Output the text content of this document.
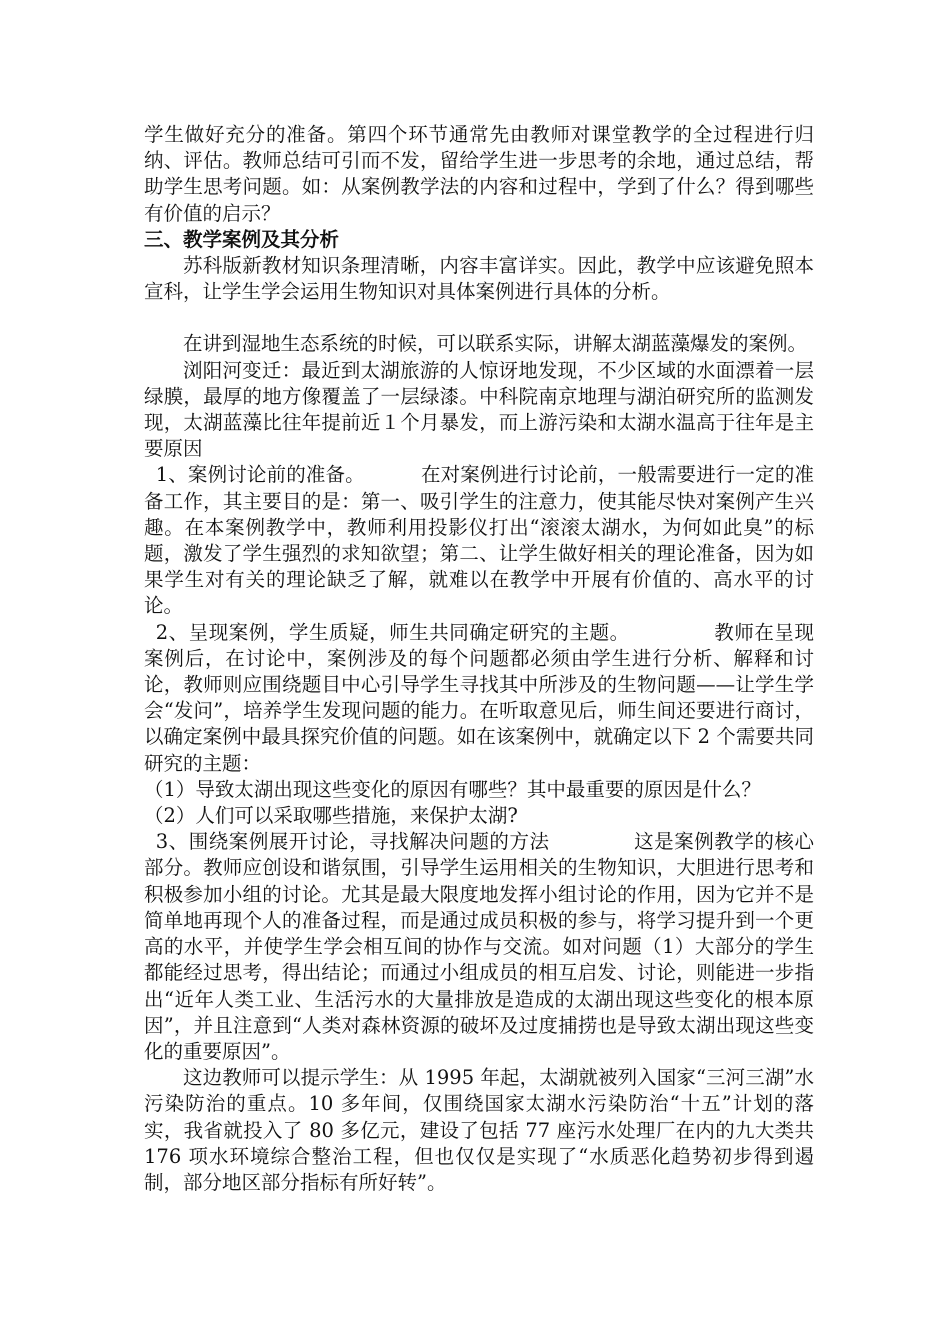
学生做好充分的准备。第四个环节通常先由教师对课堂教学的全过程进行归纳、评估。教师总结可引而不发，留给学生进一步思考的余地，通过总结，帮助学生思考问题。如：从案例教学法的内容和过程中，学到了什么？得到哪些有价值的启示？

三、教学案例及其分析

苏科版新教材知识条理清晰，内容丰富详实。因此，教学中应该避免照本宣科，让学生学会运用生物知识对具体案例进行具体的分析。

在讲到湿地生态系统的时候，可以联系实际，讲解太湖蓝藻爆发的案例。

浏阳河变迁：最近到太湖旅游的人惊讶地发现，不少区域的水面漂着一层绿膜，最厚的地方像覆盖了一层绿漆。中科院南京地理与湖泊研究所的监测发现，太湖蓝藻比往年提前近１个月暴发，而上游污染和太湖水温高于往年是主要原因

1、案例讨论前的准备。	在对案例进行讨论前，一般需要进行一定的准备工作，其主要目的是：第一、吸引学生的注意力，使其能尽快对案例产生兴趣。在本案例教学中，教师利用投影仪打出“滚滚太湖水，为何如此臭”的标题，激发了学生强烈的求知欲望；第二、让学生做好相关的理论准备，因为如果学生对有关的理论缺乏了解，就难以在教学中开展有价值的、高水平的讨论。

2、呈现案例，学生质疑，师生共同确定研究的主题。	教师在呈现案例后，在讨论中，案例涉及的每个问题都必须由学生进行分析、解释和讨论，教师则应围绕题目中心引导学生寻找其中所涉及的生物问题——让学生学会“发问”，培养学生发现问题的能力。在听取意见后，师生间还要进行商讨，以确定案例中最具探究价值的问题。如在该案例中，就确定以下 2 个需要共同研究的主题：

（1）导致太湖出现这些变化的原因有哪些？其中最重要的原因是什么？

（2）人们可以采取哪些措施，来保护太湖?

3、围绕案例展开讨论，寻找解决问题的方法	这是案例教学的核心部分。教师应创设和谐氛围，引导学生运用相关的生物知识，大胆进行思考和积极参加小组的讨论。尤其是最大限度地发挥小组讨论的作用，因为它并不是简单地再现个人的准备过程，而是通过成员积极的参与，将学习提升到一个更高的水平，并使学生学会相互间的协作与交流。如对问题（1）大部分的学生都能经过思考，得出结论；而通过小组成员的相互启发、讨论，则能进一步指出“近年人类工业、生活污水的大量排放是造成的太湖出现这些变化的根本原因”，并且注意到“人类对森林资源的破坏及过度捕捞也是导致太湖出现这些变化的重要原因”。

这边教师可以提示学生：从 1995 年起，太湖就被列入国家“三河三湖”水污染防治的重点。10 多年间，仅围绕国家太湖水污染防治“十五”计划的落实，我省就投入了 80 多亿元，建设了包括 77 座污水处理厂在内的九大类共 176 项水环境综合整治工程，但也仅仅是实现了“水质恶化趋势初步得到遏制，部分地区部分指标有所好转”。
